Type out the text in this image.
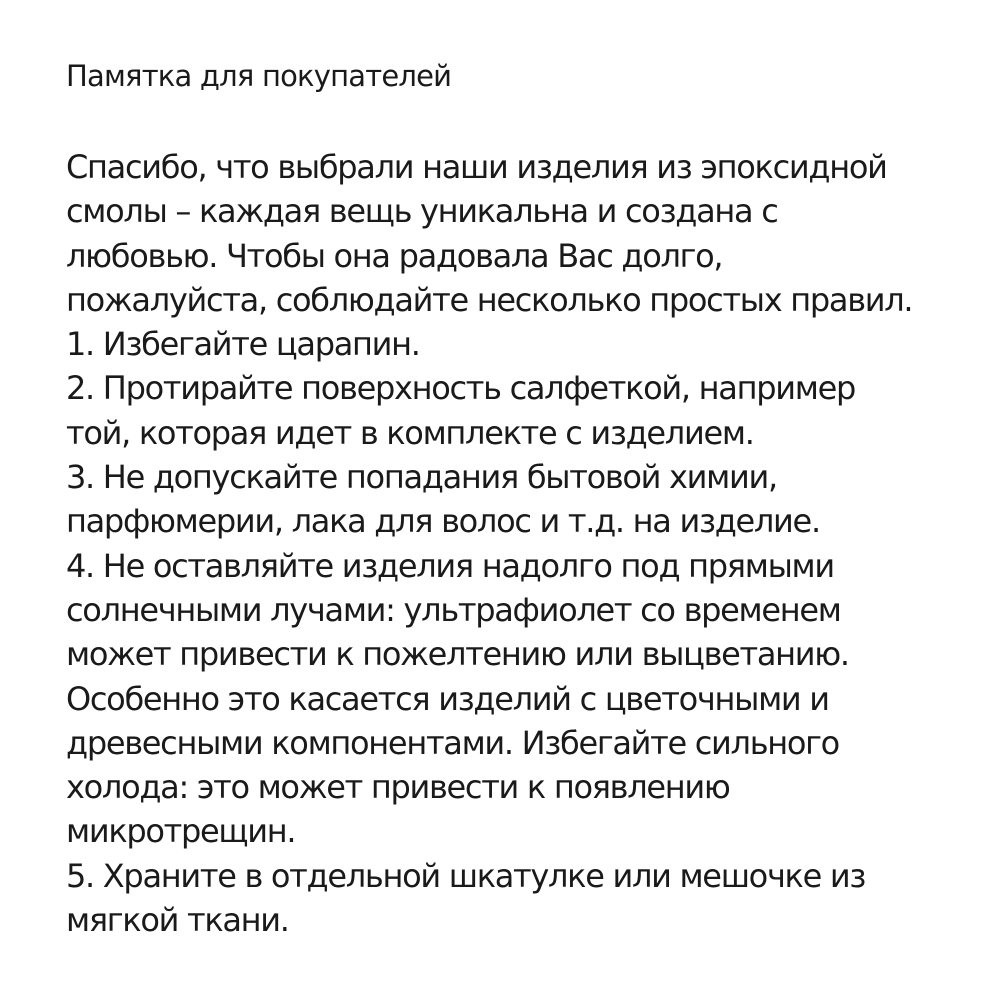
Памятка для покупателей
Спасибо, что выбрали наши изделия из эпоксидной
смолы – каждая вещь уникальна и создана с
любовью. Чтобы она радовала Вас долго,
пожалуйста, соблюдайте несколько простых правил.
1. Избегайте царапин.
2. Протирайте поверхность салфеткой, например
той, которая идет в комплекте с изделием.
3. Не допускайте попадания бытовой химии,
парфюмерии, лака для волос и т.д. на изделие.
4. Не оставляйте изделия надолго под прямыми
солнечными лучами: ультрафиолет со временем
может привести к пожелтению или выцветанию.
Особенно это касается изделий с цветочными и
древесными компонентами. Избегайте сильного
холода: это может привести к появлению
микротрещин.
5. Храните в отдельной шкатулке или мешочке из
мягкой ткани.
